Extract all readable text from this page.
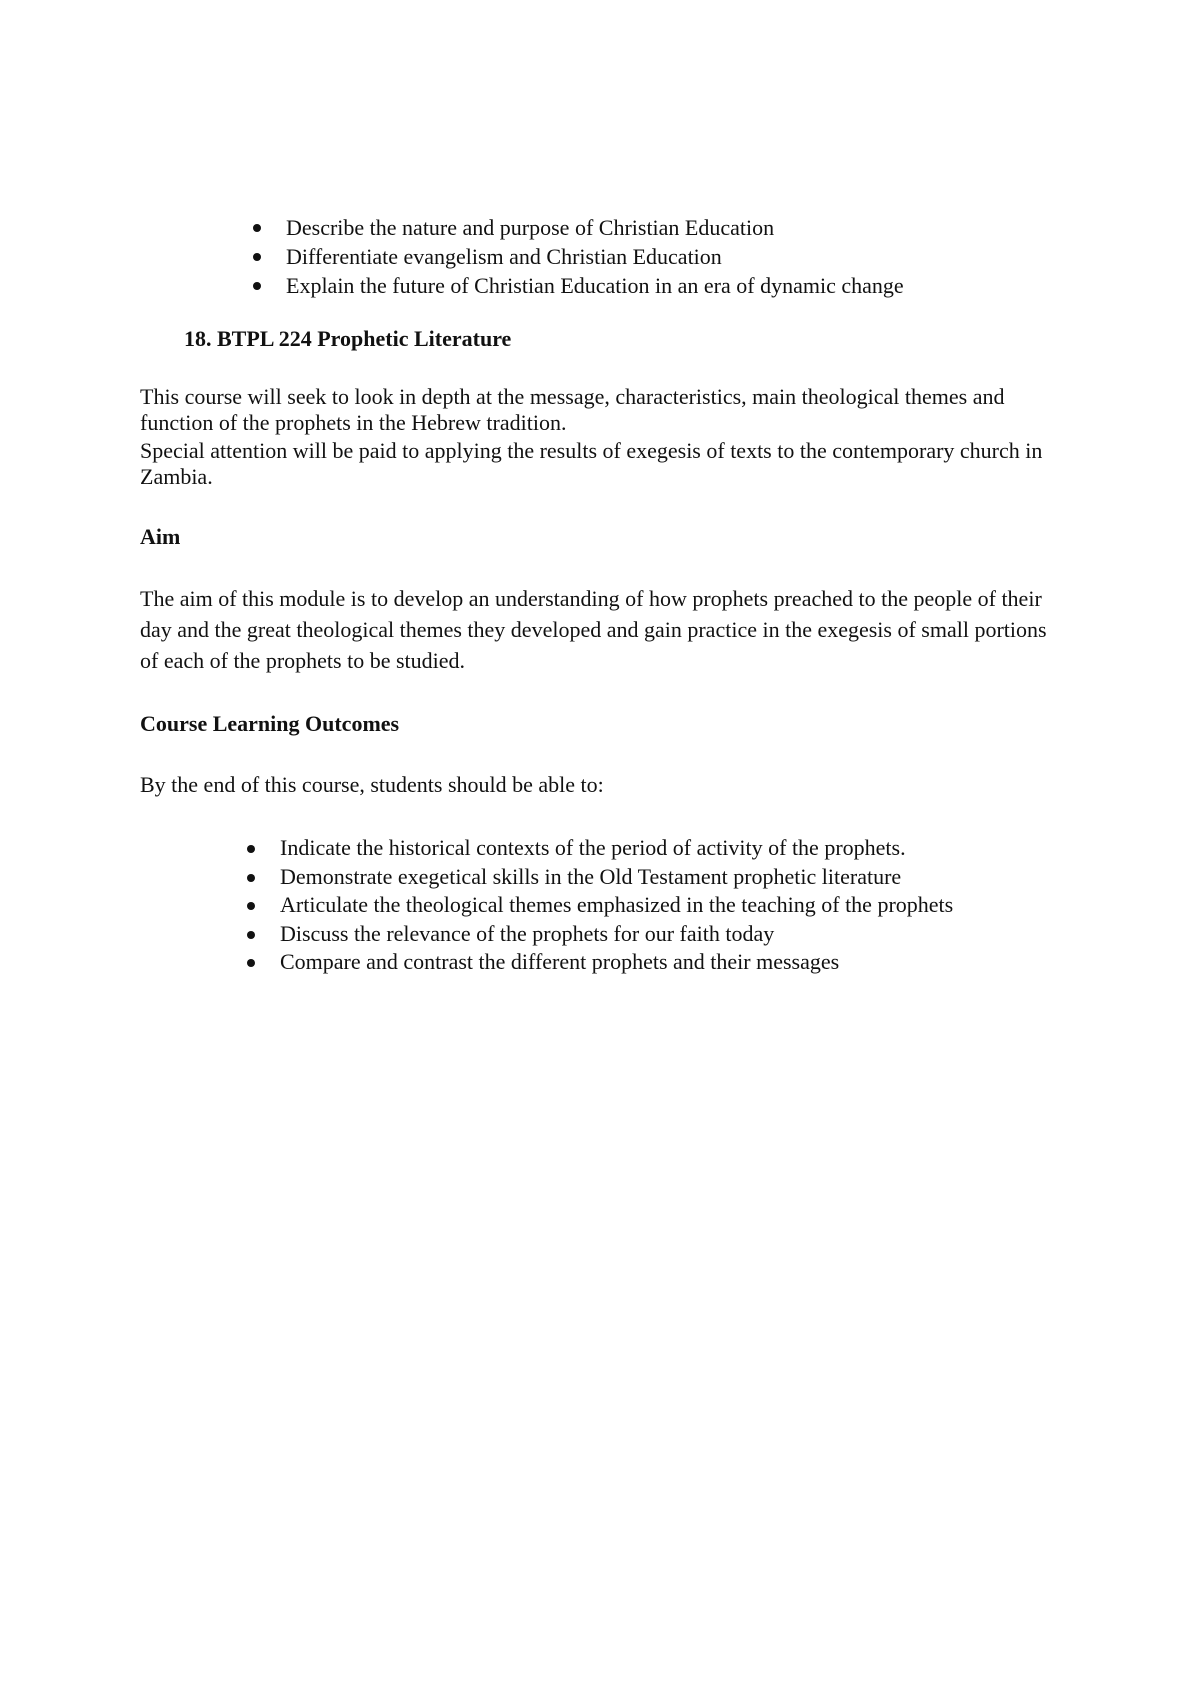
Describe the nature and purpose of Christian Education
Differentiate evangelism and Christian Education
Explain the future of Christian Education in an era of dynamic change
18. BTPL 224 Prophetic Literature

This course will seek to look in depth at the message, characteristics, main theological themes and function of the prophets in the Hebrew tradition.

Special attention will be paid to applying the results of exegesis of texts to the contemporary church in Zambia.

Aim

The aim of this module is to develop an understanding of how prophets preached to the people of their day and the great theological themes they developed and gain practice in the exegesis of small portions of each of the prophets to be studied.

Course Learning Outcomes

By the end of this course, students should be able to:

Indicate the historical contexts of the period of activity of the prophets.
Demonstrate exegetical skills in the Old Testament prophetic literature
Articulate the theological themes emphasized in the teaching of the prophets
Discuss the relevance of the prophets for our faith today
Compare and contrast the different prophets and their messages
